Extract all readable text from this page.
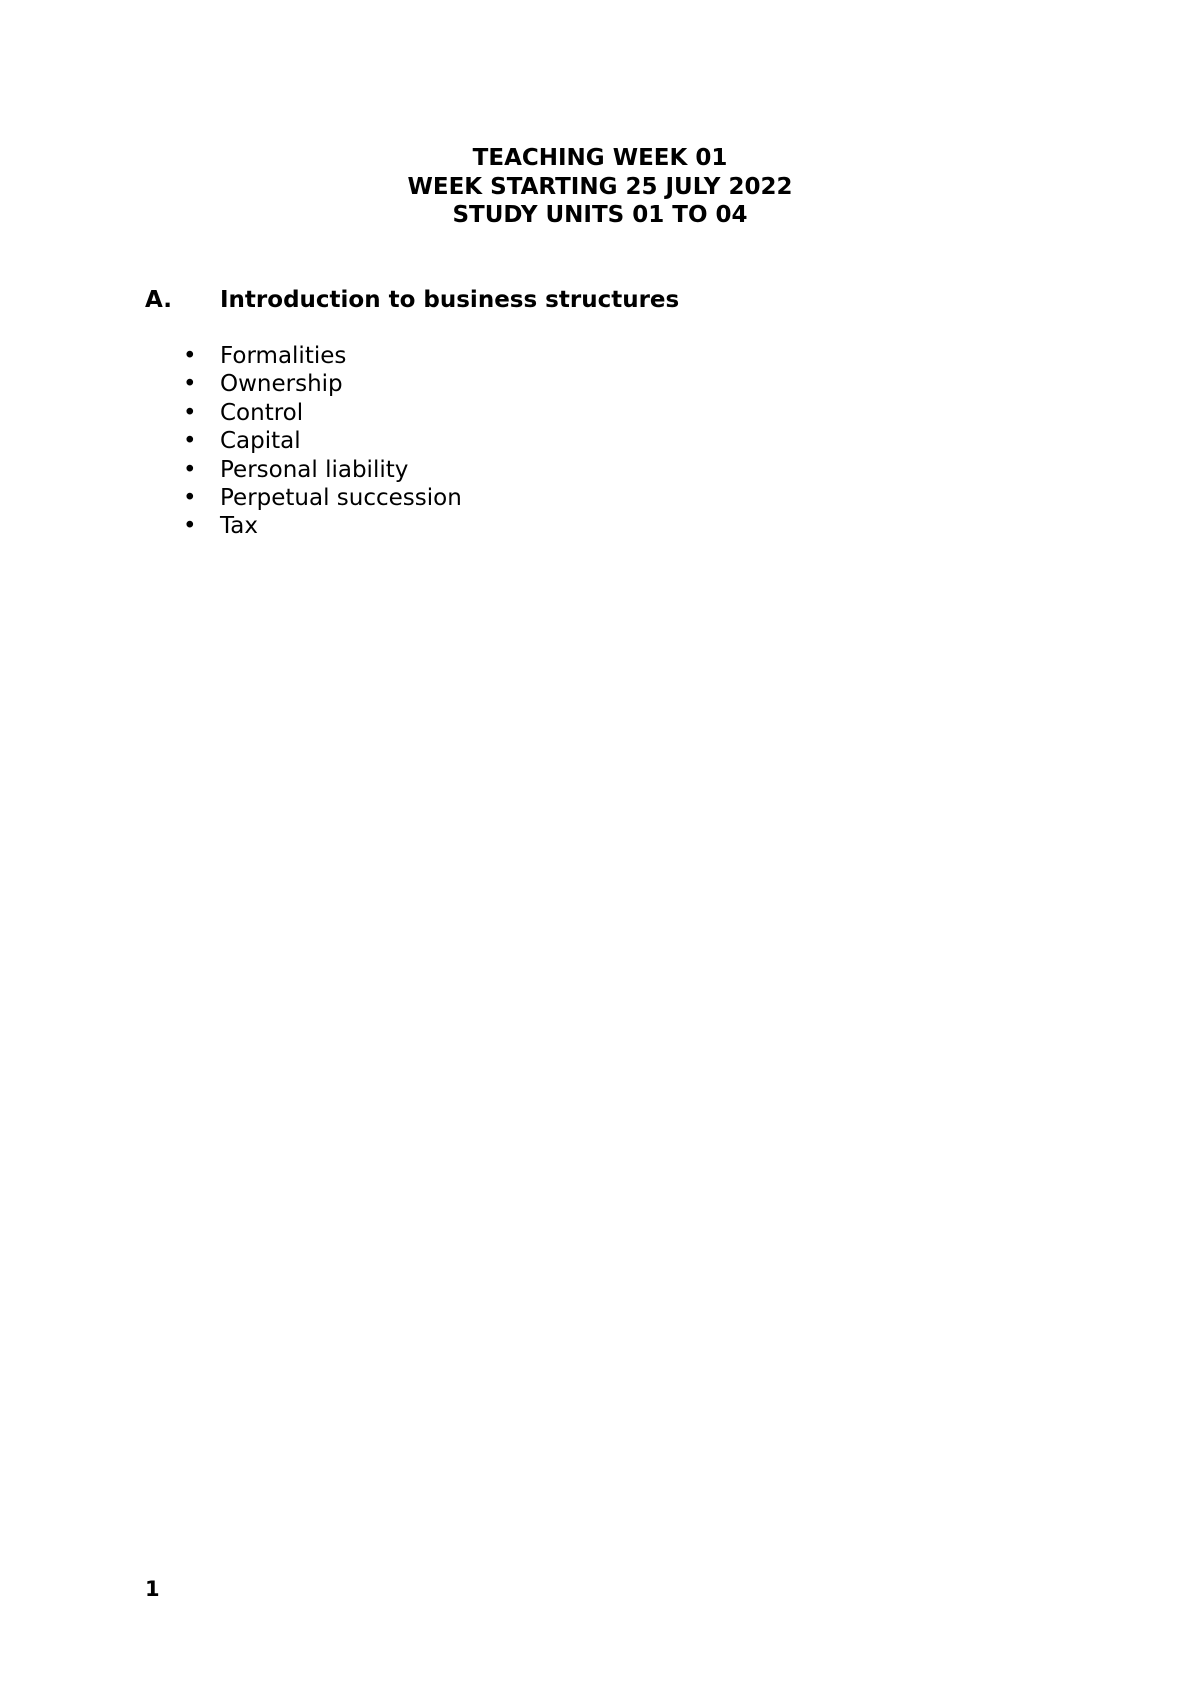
TEACHING WEEK 01
WEEK STARTING 25 JULY 2022
STUDY UNITS 01 TO 04
A. Introduction to business structures
• Formalities
• Ownership
• Control
• Capital
• Personal liability
• Perpetual succession
• Tax
1
